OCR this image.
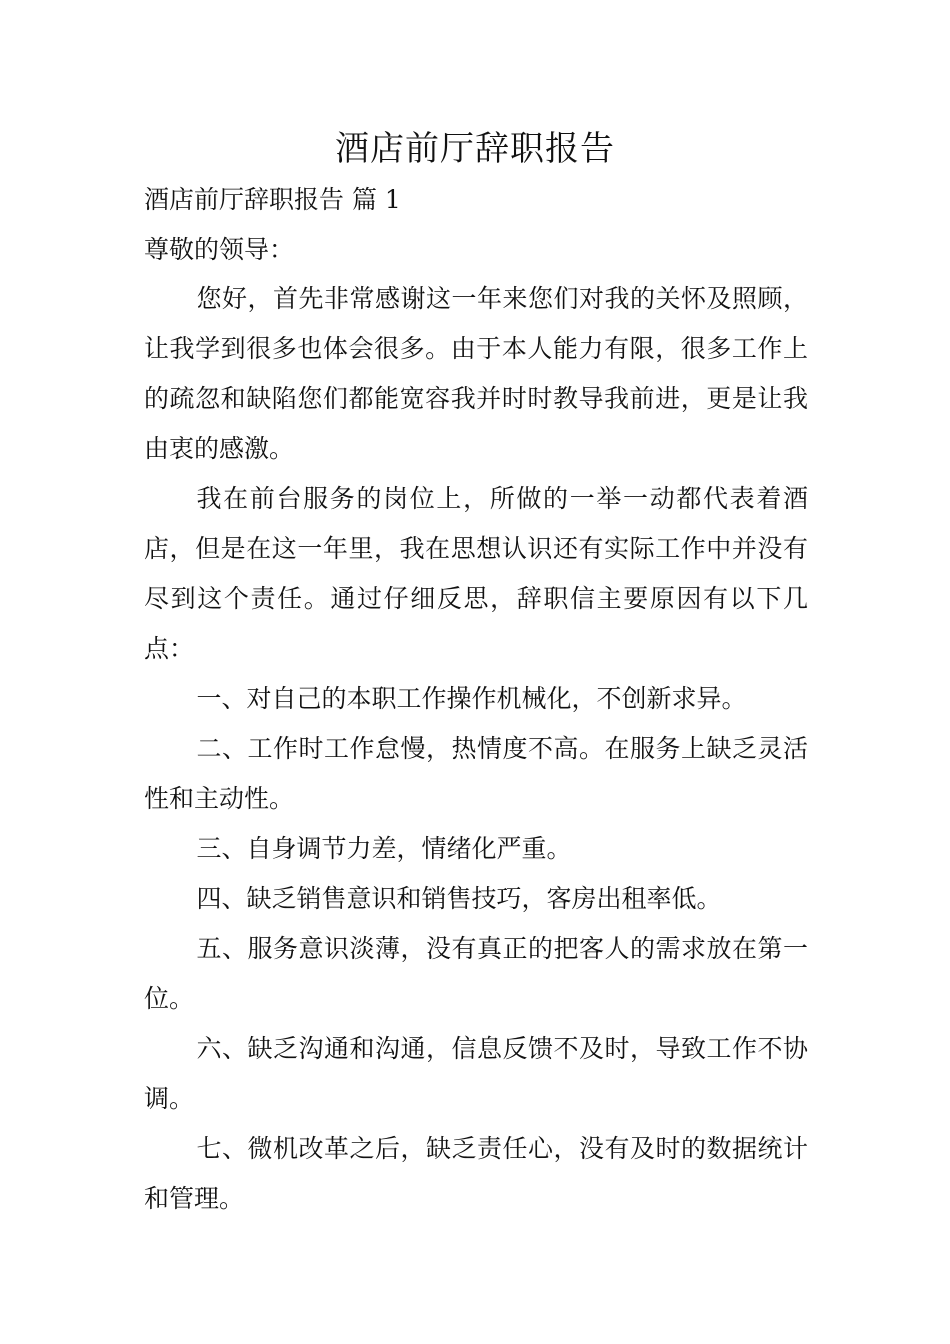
酒店前厅辞职报告

酒店前厅辞职报告 篇 1

尊敬的领导：

您好，首先非常感谢这一年来您们对我的关怀及照顾，让我学到很多也体会很多。由于本人能力有限，很多工作上的疏忽和缺陷您们都能宽容我并时时教导我前进，更是让我由衷的感激。

我在前台服务的岗位上，所做的一举一动都代表着酒店，但是在这一年里，我在思想认识还有实际工作中并没有尽到这个责任。通过仔细反思，辞职信主要原因有以下几点：

一、对自己的本职工作操作机械化，不创新求异。

二、工作时工作怠慢，热情度不高。在服务上缺乏灵活性和主动性。

三、自身调节力差，情绪化严重。

四、缺乏销售意识和销售技巧，客房出租率低。

五、服务意识淡薄，没有真正的把客人的需求放在第一位。

六、缺乏沟通和沟通，信息反馈不及时，导致工作不协调。

七、微机改革之后，缺乏责任心，没有及时的数据统计和管理。
